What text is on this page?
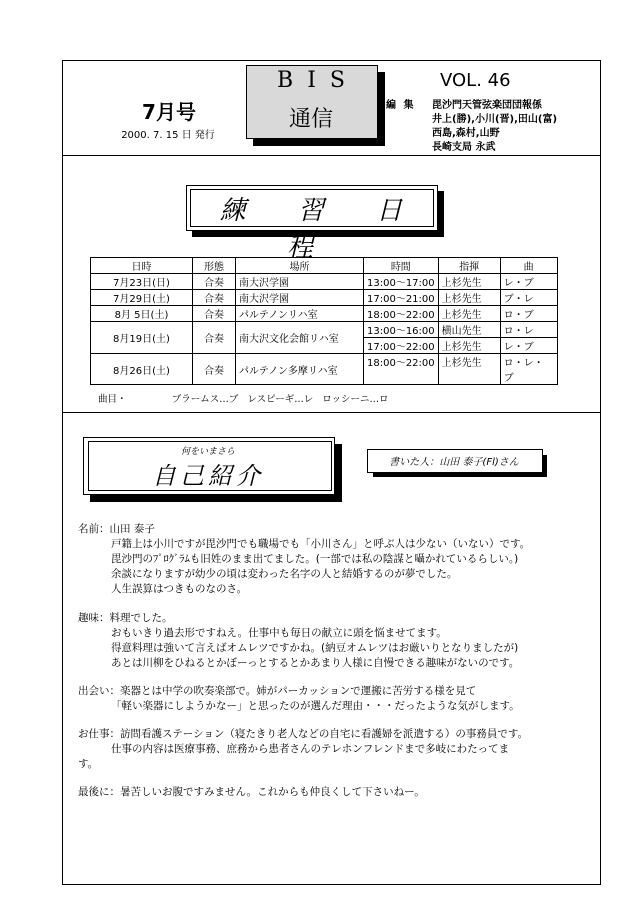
7月号
2000. 7. 15 日 発行
BIS
通信
VOL. 46
編 集 毘沙門天管弦楽団団報係
井上(勝),小川(晋),田山(富)
西島,森村,山野
長崎支局 永武
練 習 日 程
日時	形態	場所	時間	指揮	曲
7月23日(日)	合奏	南大沢学園	13:00～17:00	上杉先生	レ・ブ
7月29日(土)	合奏	南大沢学園	17:00～21:00	上杉先生	ブ・レ
8月 5日(土)	合奏	パルテノンリハ室	18:00～22:00	上杉先生	ロ・ブ
8月19日(土)	合奏	南大沢文化会館リハ室	13:00～16:00	横山先生	ロ・レ
			17:00～22:00	上杉先生	レ・ブ
8月26日(土)	合奏	パルテノン多摩リハ室	18:00～22:00	上杉先生	ロ・レ・
					ブ
曲目・               ブラームス…ブ   レスピーギ…レ   ロッシーニ…ロ
何をいまさら
自己紹介	書いた人：山田 泰子(Fl)さん
名前：山田 泰子
戸籍上は小川ですが毘沙門でも職場でも「小川さん」と呼ぶ人は少ない（いない）です。
毘沙門のﾌﾟﾛｸﾞﾗﾑも旧姓のまま出てました。(一部では私の陰謀と囁かれているらしい。)
余談になりますが幼少の頃は変わった名字の人と結婚するのが夢でした。
人生誤算はつきものなのさ。
趣味：料理でした。
おもいきり過去形ですねえ。仕事中も毎日の献立に頭を悩ませてます。
得意料理は強いて言えばオムレツですかね。(納豆オムレツはお厳いりとなりましたが)
あとは川柳をひねるとかぼーっとするとかあまり人様に自慢できる趣味がないのです。
出会い：楽器とは中学の吹奏楽部で。姉がパーカッションで運搬に苦労する様を見て
「軽い楽器にしようかなー」と思ったのが選んだ理由・・・だったような気がします。
お仕事：訪問看護ステーション（寝たきり老人などの自宅に看護婦を派遣する）の事務員です。
仕事の内容は医療事務、庶務から患者さんのテレホンフレンドまで多岐にわたってま
す。
最後に：暑苦しいお腹ですみません。これからも仲良くして下さいねー。
